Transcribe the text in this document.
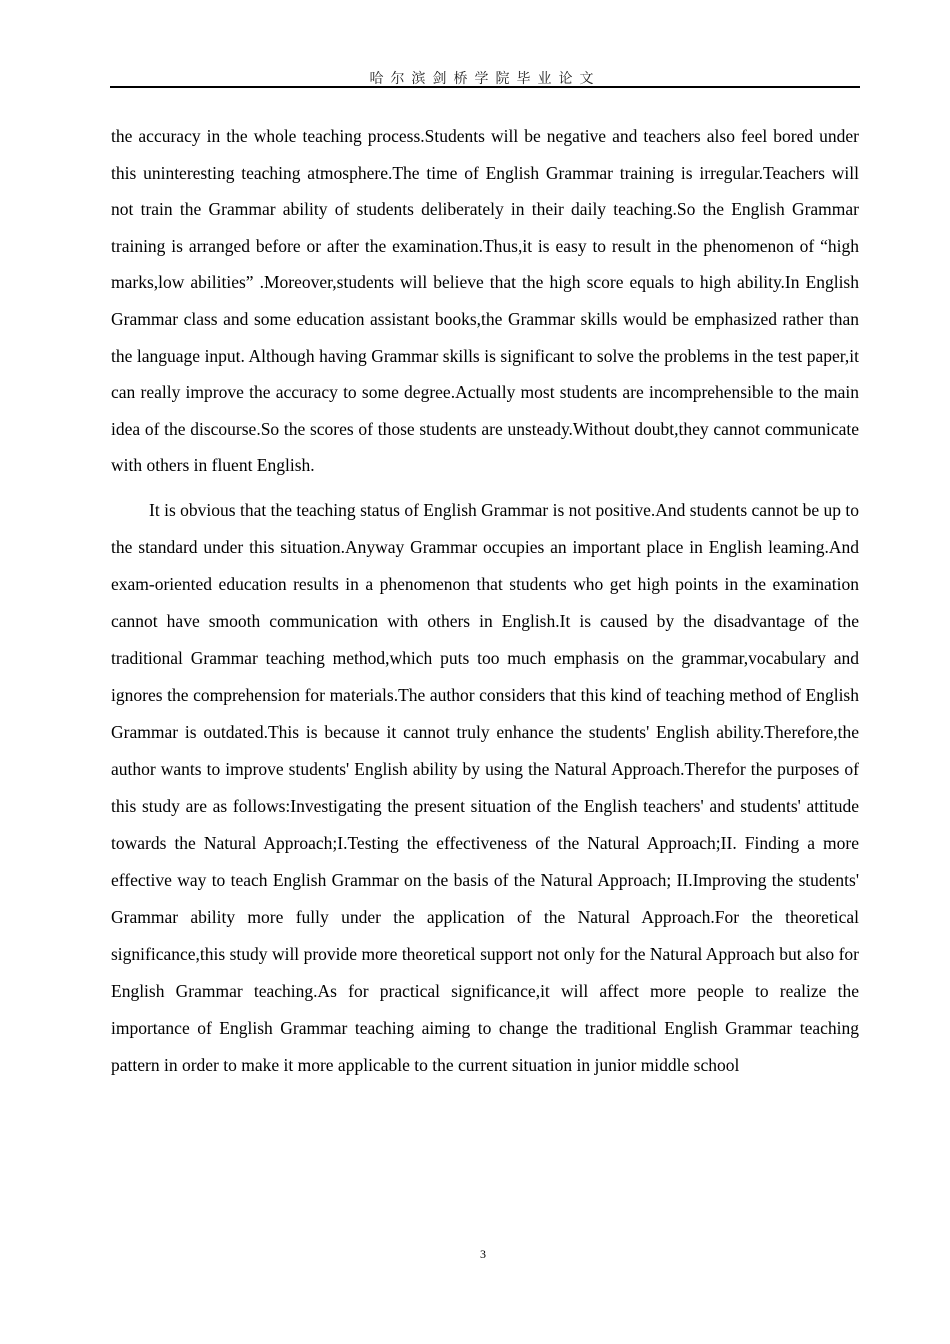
哈尔滨剑桥学院毕业论文

the accuracy in the whole teaching process.Students will be negative and teachers also feel bored under this uninteresting teaching atmosphere.The time of English Grammar training is irregular.Teachers will not train the Grammar ability of students deliberately in their daily teaching.So the English Grammar training is arranged before or after the examination.Thus,it is easy to result in the phenomenon of “high marks,low abilities” .Moreover,students will believe that the high score equals to high ability.In English Grammar class and some education assistant books,the Grammar skills would be emphasized rather than the language input. Although having Grammar skills is significant to solve the problems in the test paper,it can really improve the accuracy to some degree.Actually most students are incomprehensible to the main idea of the discourse.So the scores of those students are unsteady.Without doubt,they cannot communicate with others in fluent English.

It is obvious that the teaching status of English Grammar is not positive.And students cannot be up to the standard under this situation.Anyway Grammar occupies an important place in English leaming.And exam-oriented education results in a phenomenon that students who get high points in the examination cannot have smooth communication with others in English.It is caused by the disadvantage of the traditional Grammar teaching method,which puts too much emphasis on the grammar,vocabulary and ignores the comprehension for materials.The author considers that this kind of teaching method of English Grammar is outdated.This is because it cannot truly enhance the students' English ability.Therefore,the author wants to improve students' English ability by using the Natural Approach.Therefor the purposes of this study are as follows:Investigating the present situation of the English teachers' and students' attitude towards the Natural Approach;I.Testing the effectiveness of the Natural Approach;II. Finding a more effective way to teach English Grammar on the basis of the Natural Approach; II.Improving the students' Grammar ability more fully under the application of the Natural Approach.For the theoretical significance,this study will provide more theoretical support not only for the Natural Approach but also for English Grammar teaching.As for practical significance,it will affect more people to realize the importance of English Grammar teaching aiming to change the traditional English Grammar teaching pattern in order to make it more applicable to the current situation in junior middle school

3
